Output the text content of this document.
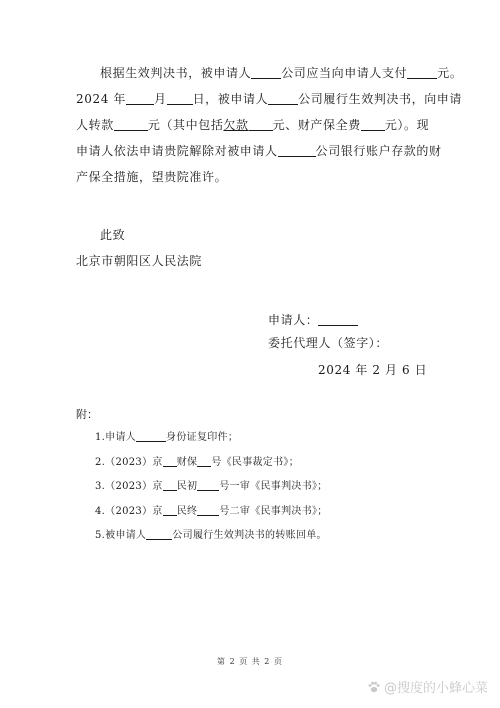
根据生效判决书，被申请人	公司应当向申请人支付	元。
2024 年 月 日，被申请人	公司履行生效判决书，向申请
人转款	元（其中包括欠款 元、财产保全费 元）。现
申请人依法申请贵院解除对被申请人	公司银行账户存款的财
产保全措施，望贵院准许。
此致
北京市朝阳区人民法院
申请人：
委托代理人（签字）：
2024 年 2 月 6 日
附：
1.申请人	身份证复印件；
2.（2023）京 财保 号《民事裁定书》；
3.（2023）京 民初 号一审《民事判决书》；
4.（2023）京 民终 号二审《民事判决书》；
5.被申请人	公司履行生效判决书的转账回单。
第 2 页 共 2 页
@搜度的小蜂心菜
